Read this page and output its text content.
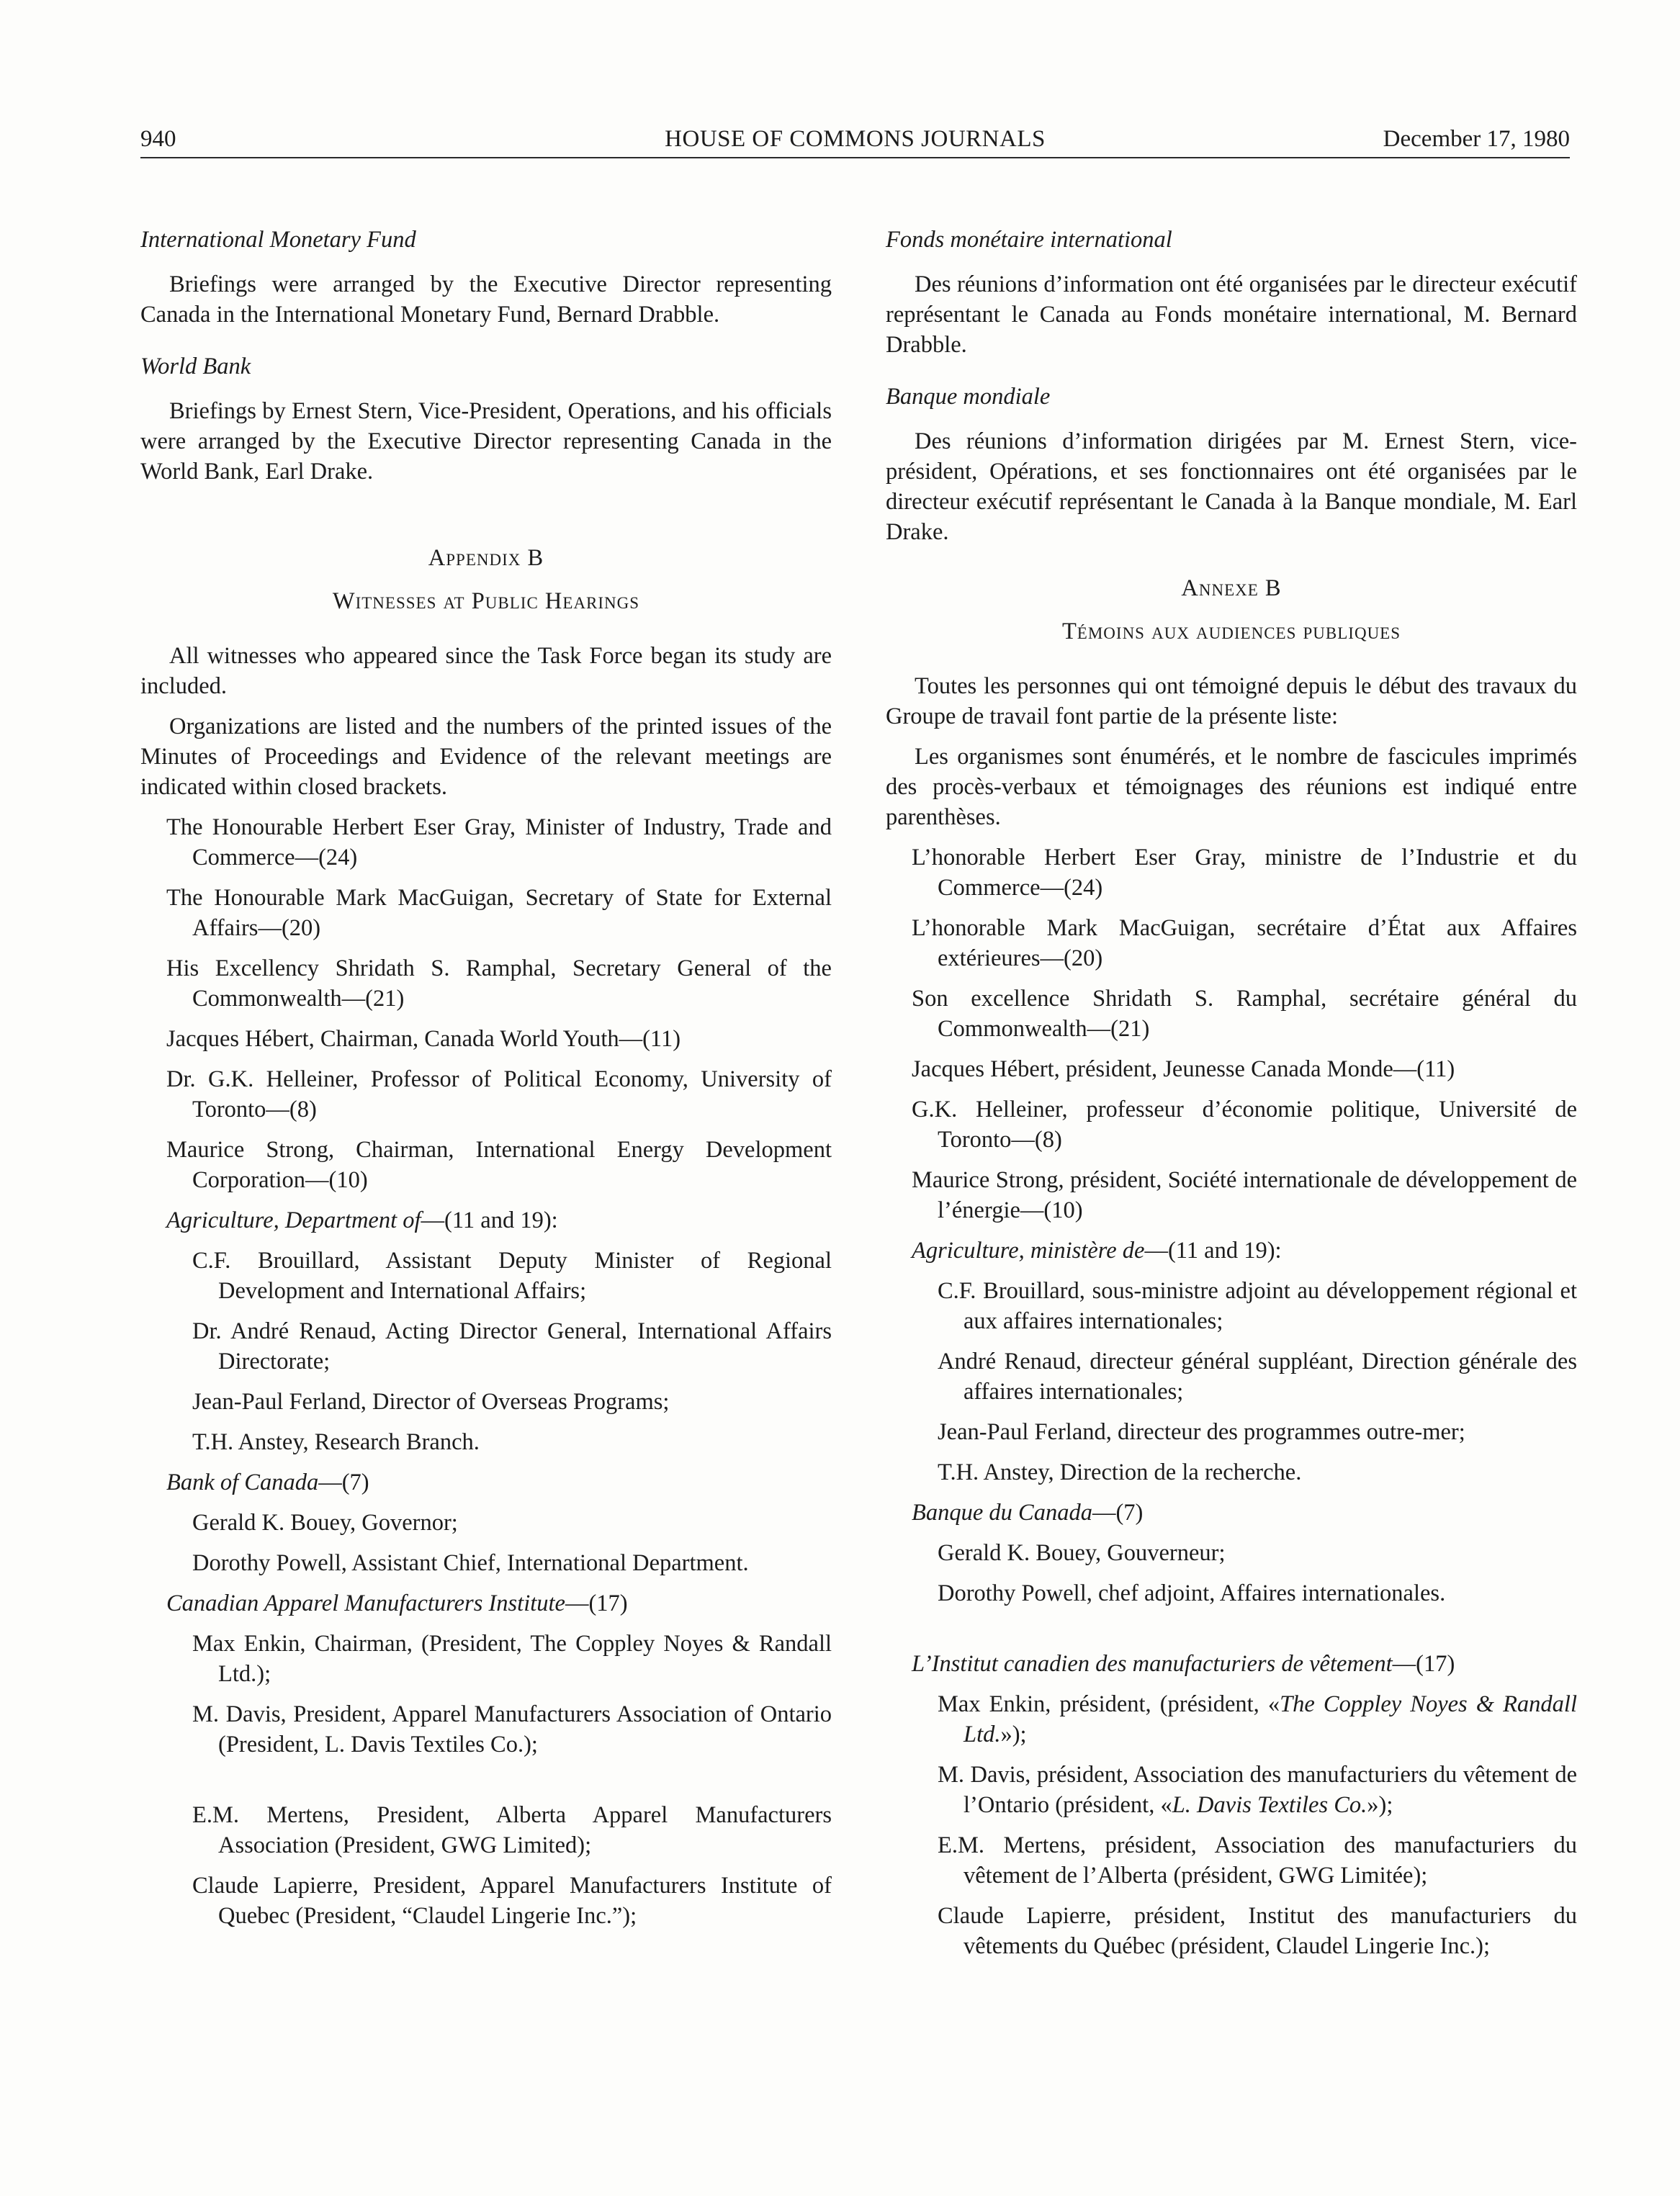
940	HOUSE OF COMMONS JOURNALS	December 17, 1980
International Monetary Fund
Briefings were arranged by the Executive Director representing Canada in the International Monetary Fund, Bernard Drabble.
World Bank
Briefings by Ernest Stern, Vice-President, Operations, and his officials were arranged by the Executive Director representing Canada in the World Bank, Earl Drake.
Appendix B
Witnesses at Public Hearings
All witnesses who appeared since the Task Force began its study are included.
Organizations are listed and the numbers of the printed issues of the Minutes of Proceedings and Evidence of the relevant meetings are indicated within closed brackets.
The Honourable Herbert Eser Gray, Minister of Industry, Trade and Commerce—(24)
The Honourable Mark MacGuigan, Secretary of State for External Affairs—(20)
His Excellency Shridath S. Ramphal, Secretary General of the Commonwealth—(21)
Jacques Hébert, Chairman, Canada World Youth—(11)
Dr. G.K. Helleiner, Professor of Political Economy, University of Toronto—(8)
Maurice Strong, Chairman, International Energy Development Corporation—(10)
Agriculture, Department of—(11 and 19):
C.F. Brouillard, Assistant Deputy Minister of Regional Development and International Affairs;
Dr. André Renaud, Acting Director General, International Affairs Directorate;
Jean-Paul Ferland, Director of Overseas Programs;
T.H. Anstey, Research Branch.
Bank of Canada—(7)
Gerald K. Bouey, Governor;
Dorothy Powell, Assistant Chief, International Department.
Canadian Apparel Manufacturers Institute—(17)
Max Enkin, Chairman, (President, The Coppley Noyes & Randall Ltd.);
M. Davis, President, Apparel Manufacturers Association of Ontario (President, L. Davis Textiles Co.);
E.M. Mertens, President, Alberta Apparel Manufacturers Association (President, GWG Limited);
Claude Lapierre, President, Apparel Manufacturers Institute of Quebec (President, “Claudel Lingerie Inc.”);
Fonds monétaire international
Des réunions d’information ont été organisées par le directeur exécutif représentant le Canada au Fonds monétaire international, M. Bernard Drabble.
Banque mondiale
Des réunions d’information dirigées par M. Ernest Stern, vice-président, Opérations, et ses fonctionnaires ont été organisées par le directeur exécutif représentant le Canada à la Banque mondiale, M. Earl Drake.
Annexe B
Témoins aux audiences publiques
Toutes les personnes qui ont témoigné depuis le début des travaux du Groupe de travail font partie de la présente liste:
Les organismes sont énumérés, et le nombre de fascicules imprimés des procès-verbaux et témoignages des réunions est indiqué entre parenthèses.
L’honorable Herbert Eser Gray, ministre de l’Industrie et du Commerce—(24)
L’honorable Mark MacGuigan, secrétaire d’État aux Affaires extérieures—(20)
Son excellence Shridath S. Ramphal, secrétaire général du Commonwealth—(21)
Jacques Hébert, président, Jeunesse Canada Monde—(11)
G.K. Helleiner, professeur d’économie politique, Université de Toronto—(8)
Maurice Strong, président, Société internationale de développement de l’énergie—(10)
Agriculture, ministère de—(11 and 19):
C.F. Brouillard, sous-ministre adjoint au développement régional et aux affaires internationales;
André Renaud, directeur général suppléant, Direction générale des affaires internationales;
Jean-Paul Ferland, directeur des programmes outre-mer;
T.H. Anstey, Direction de la recherche.
Banque du Canada—(7)
Gerald K. Bouey, Gouverneur;
Dorothy Powell, chef adjoint, Affaires internationales.
L’Institut canadien des manufacturiers de vêtement—(17)
Max Enkin, président, (président, «The Coppley Noyes & Randall Ltd.»);
M. Davis, président, Association des manufacturiers du vêtement de l’Ontario (président, «L. Davis Textiles Co.»);
E.M. Mertens, président, Association des manufacturiers du vêtement de l’Alberta (président, GWG Limitée);
Claude Lapierre, président, Institut des manufacturiers du vêtements du Québec (président, Claudel Lingerie Inc.);
